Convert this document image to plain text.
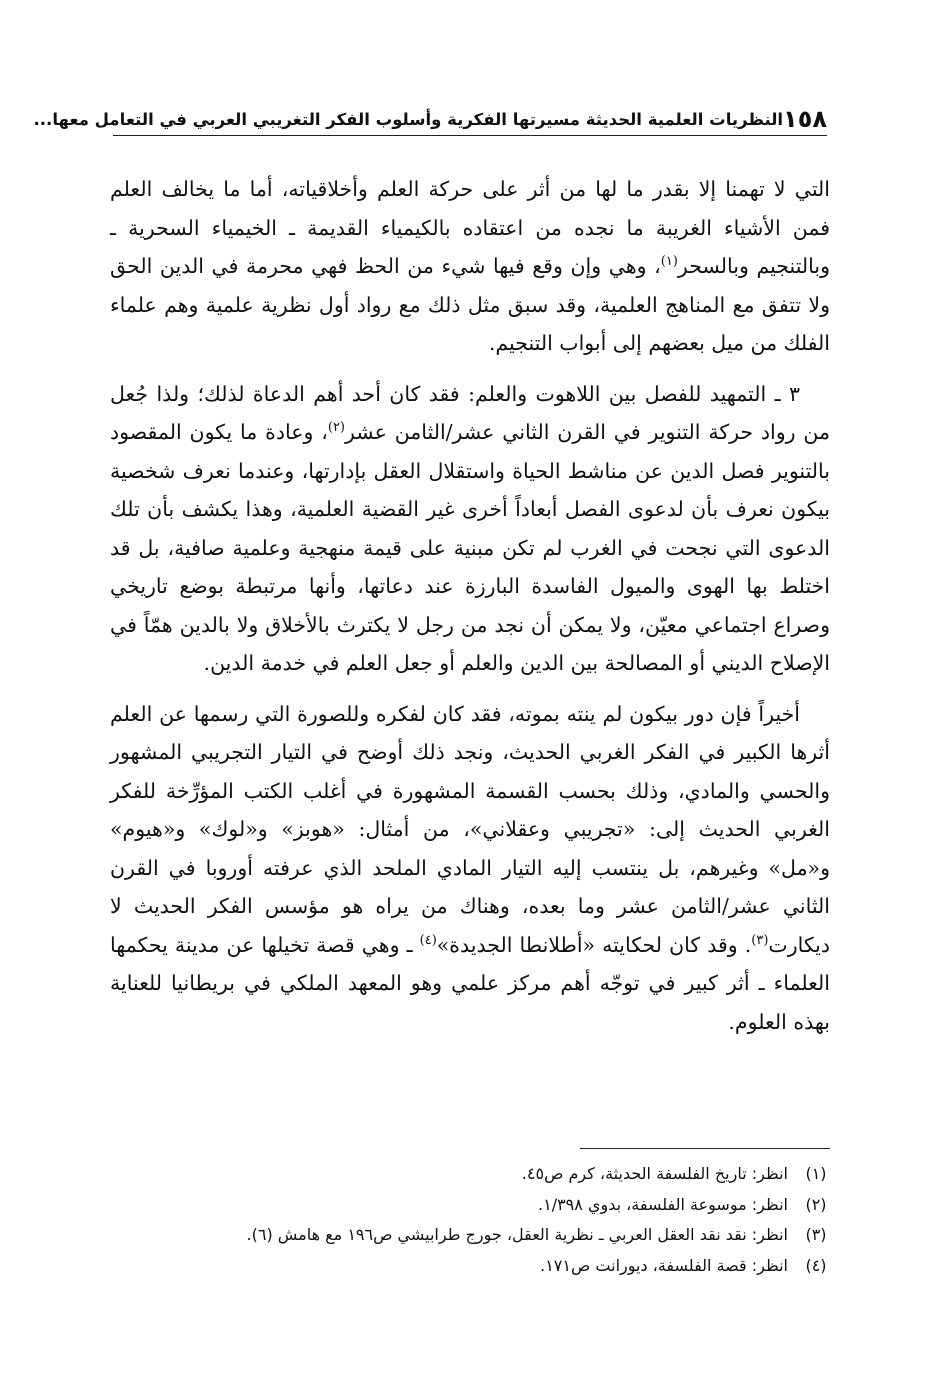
١٥٨
النظريات العلمية الحديثة مسيرتها الفكرية وأسلوب الفكر التغريبي العربي في التعامل معها...

التي لا تهمنا إلا بقدر ما لها من أثر على حركة العلم وأخلاقياته، أما ما يخالف العلم فمن الأشياء الغريبة ما نجده من اعتقاده بالكيمياء القديمة ـ الخيمياء السحرية ـ وبالتنجيم وبالسحر$^{(١)}$، وهي وإن وقع فيها شيء من الحظ فهي محرمة في الدين الحق ولا تتفق مع المناهج العلمية، وقد سبق مثل ذلك مع رواد أول نظرية علمية وهم علماء الفلك من ميل بعضهم إلى أبواب التنجيم.

٣ ـ التمهيد للفصل بين اللاهوت والعلم: فقد كان أحد أهم الدعاة لذلك؛ ولذا جُعل من رواد حركة التنوير في القرن الثاني عشر/الثامن عشر$^{(٢)}$، وعادة ما يكون المقصود بالتنوير فصل الدين عن مناشط الحياة واستقلال العقل بإدارتها، وعندما نعرف شخصية بيكون نعرف بأن لدعوى الفصل أبعاداً أخرى غير القضية العلمية، وهذا يكشف بأن تلك الدعوى التي نجحت في الغرب لم تكن مبنية على قيمة منهجية وعلمية صافية، بل قد اختلط بها الهوى والميول الفاسدة البارزة عند دعاتها، وأنها مرتبطة بوضع تاريخي وصراع اجتماعي معيّن، ولا يمكن أن نجد من رجل لا يكترث بالأخلاق ولا بالدين همّاً في الإصلاح الديني أو المصالحة بين الدين والعلم أو جعل العلم في خدمة الدين.

أخيراً فإن دور بيكون لم ينته بموته، فقد كان لفكره وللصورة التي رسمها عن العلم أثرها الكبير في الفكر الغربي الحديث، ونجد ذلك أوضح في التيار التجريبي المشهور والحسي والمادي، وذلك بحسب القسمة المشهورة في أغلب الكتب المؤرِّخة للفكر الغربي الحديث إلى: «تجريبي وعقلاني»، من أمثال: «هوبز» و«لوك» و«هيوم» و«مل» وغيرهم، بل ينتسب إليه التيار المادي الملحد الذي عرفته أوروبا في القرن الثاني عشر/الثامن عشر وما بعده، وهناك من يراه هو مؤسس الفكر الحديث لا ديكارت$^{(٣)}$. وقد كان لحكايته «أطلانطا الجديدة»$^{(٤)}$ ـ وهي قصة تخيلها عن مدينة يحكمها العلماء ـ أثر كبير في توجّه أهم مركز علمي وهو المعهد الملكي في بريطانيا للعناية بهذه العلوم.

(١)
انظر: تاريخ الفلسفة الحديثة، كرم ص٤٥.
(٢)
انظر: موسوعة الفلسفة، بدوي ١/٣٩٨.
(٣)
انظر: نقد نقد العقل العربي ـ نظرية العقل، جورج طرابيشي ص١٩٦ مع هامش (٦).
(٤)
انظر: قصة الفلسفة، ديورانت ص١٧١.
